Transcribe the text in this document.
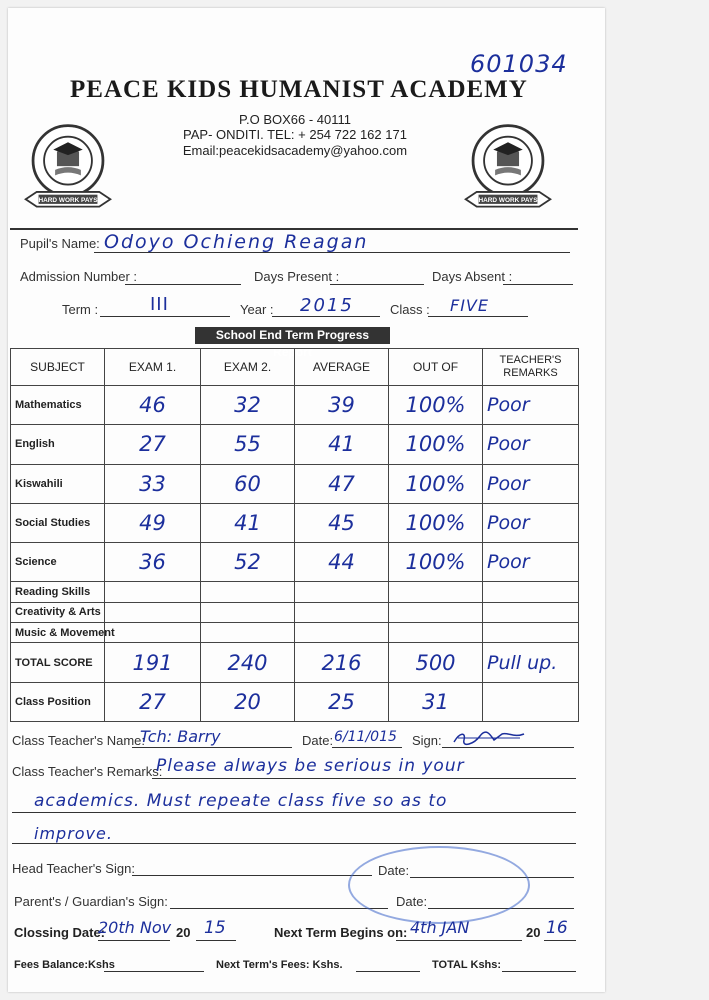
601034
PEACE KIDS HUMANIST ACADEMY
P.O BOX66 - 40111
PAP- ONDITI. TEL: + 254 722 162 171
Email:peacekidsacademy@yahoo.com
HARD WORK PAYS	HARD WORK PAYS
Pupil's Name: Odoyo Ochieng Reagan
Admission Number :	Days Present :	Days Absent :
Term :	III	Year : 2015	Class : FIVE
School End Term Progress Report
SUBJECT	EXAM 1.	EXAM 2.	AVERAGE	OUT OF	TEACHER'S REMARKS
Mathematics	46	32	39	100%	Poor
English	27	55	41	100%	Poor
Kiswahili	33	60	47	100%	Poor
Social Studies	49	41	45	100%	Poor
Science	36	52	44	100%	Poor
Reading Skills					
Creativity & Arts					
Music & Movement					
TOTAL SCORE	191	240	216	500	Pull up.
Class Position	27	20	25	31	
Class Teacher's Name:
Tch: Barry	Date: 6/11/015 Sign:
Class Teacher's Remarks:
Please always be serious in your
academics. Must repeate class five so as to
improve.
Head Teacher's Sign:	Date:
Parent's / Guardian's Sign:	Date:
Clossing Date:
20th Nov 20 15	Next Term Begins on: 4th JAN	20 16
Fees Balance:Kshs	Next Term's Fees: Kshs.	TOTAL Kshs:
